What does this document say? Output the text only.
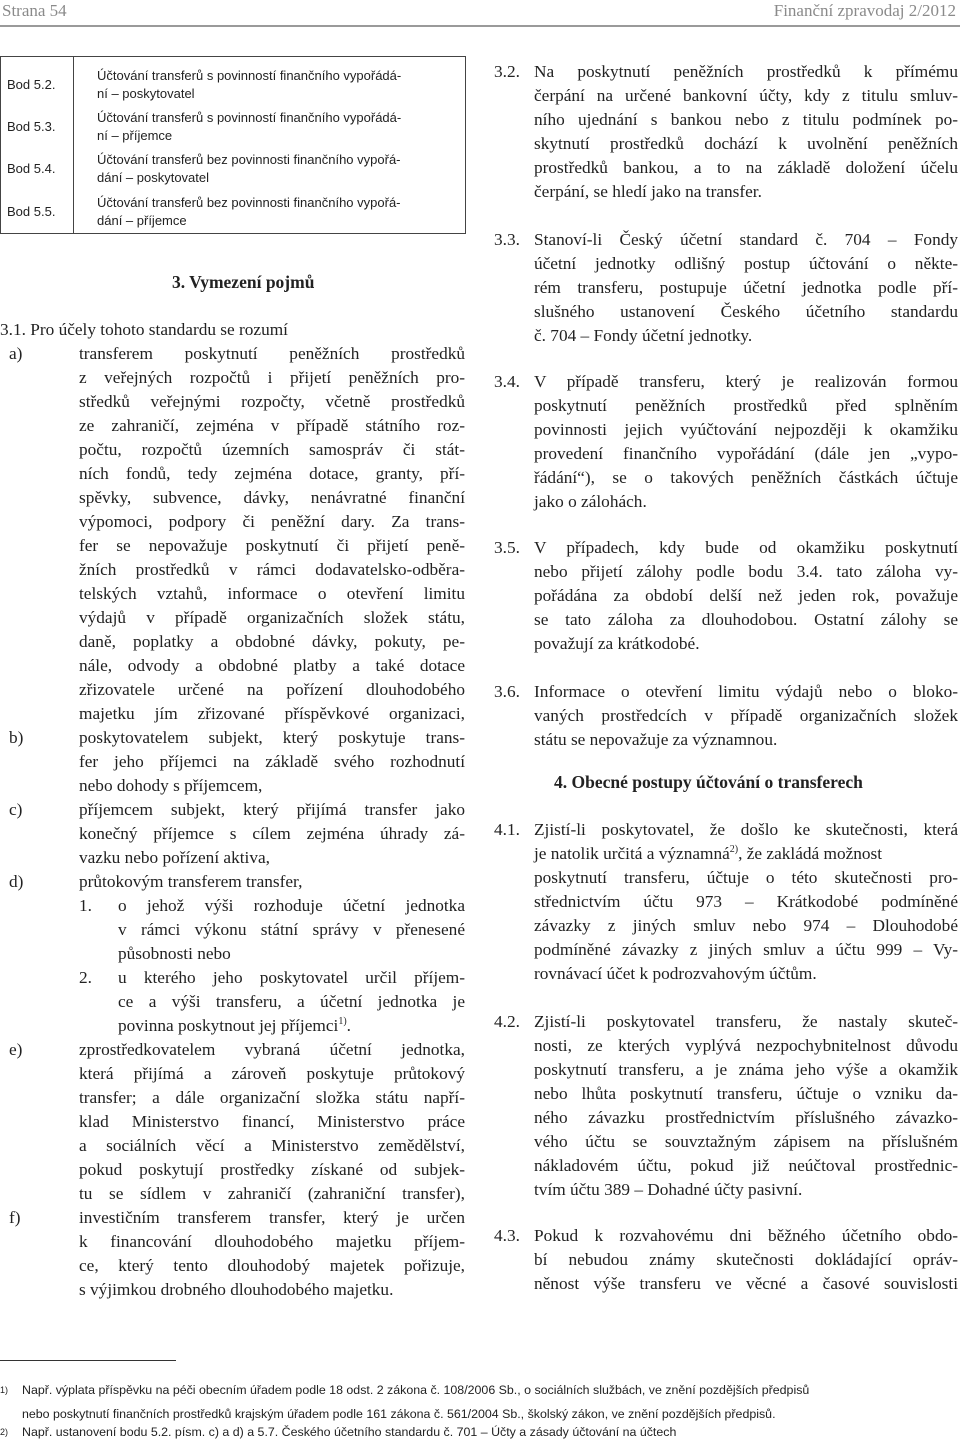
Strana 54	Finanční zpravodaj 2/2012
Bod 5.2.
Účtování transferů s povinností finančního vypořádá-
ní – poskytovatel
Bod 5.3.
Účtování transferů s povinností finančního vypořádá-
ní – příjemce
Bod 5.4.
Účtování transferů bez povinnosti finančního vypořá-
dání – poskytovatel
Bod 5.5.
Účtování transferů bez povinnosti finančního vypořá-
dání – příjemce
3. Vymezení pojmů
3.1. Pro účely tohoto standardu se rozumí
a)	transferem poskytnutí peněžních prostředků
z veřejných rozpočtů i přijetí peněžních pro-
středků veřejnými rozpočty, včetně prostředků
ze zahraničí, zejména v případě státního roz-
počtu, rozpočtů územních samospráv či stát-
ních fondů, tedy zejména dotace, granty, pří-
spěvky, subvence, dávky, nenávratné finanční
výpomoci, podpory či peněžní dary. Za trans-
fer se nepovažuje poskytnutí či přijetí peně-
žních prostředků v rámci dodavatelsko-odběra-
telských vztahů, informace o otevření limitu
výdajů v případě organizačních složek státu,
daně, poplatky a obdobné dávky, pokuty, pe-
nále, odvody a obdobné platby a také dotace
zřizovatele určené na pořízení dlouhodobého
majetku jím zřizované příspěvkové organizaci,
b)	poskytovatelem subjekt, který poskytuje trans-
fer jeho příjemci na základě svého rozhodnutí
nebo dohody s příjemcem,
c)	příjemcem subjekt, který přijímá transfer jako
konečný příjemce s cílem zejména úhrady zá-
vazku nebo pořízení aktiva,
d)	průtokovým transferem transfer,
1. o jehož výši rozhoduje účetní jednotka
v rámci výkonu státní správy v přenesené
působnosti nebo
2. u kterého jeho poskytovatel určil příjem-
ce a výši transferu, a účetní jednotka je
povinna poskytnout jej příjemci$^{1)}$.
e)	zprostředkovatelem vybraná účetní jednotka,
která přijímá a zároveň poskytuje průtokový
transfer; a dále organizační složka státu napří-
klad Ministerstvo financí, Ministerstvo práce
a sociálních věcí a Ministerstvo zemědělství,
pokud poskytují prostředky získané od subjek-
tu se sídlem v zahraničí (zahraniční transfer),
f)	investičním transferem transfer, který je určen
k financování dlouhodobého majetku příjem-
ce, který tento dlouhodobý majetek pořizuje,
s výjimkou drobného dlouhodobého majetku.
3.2. Na poskytnutí peněžních prostředků k přímému
čerpání na určené bankovní účty, kdy z titulu smluv-
ního ujednání s bankou nebo z titulu podmínek po-
skytnutí prostředků dochází k uvolnění peněžních
prostředků bankou, a to na základě doložení účelu
čerpání, se hledí jako na transfer.
3.3. Stanoví-li Český účetní standard č. 704 – Fondy
účetní jednotky odlišný postup účtování o někte-
rém transferu, postupuje účetní jednotka podle pří-
slušného ustanovení Českého účetního standardu
č. 704 – Fondy účetní jednotky.
3.4. V případě transferu, který je realizován formou
poskytnutí peněžních prostředků před splněním
povinnosti jejich vyúčtování nejpozději k okamžiku
provedení finančního vypořádání (dále jen „vypo-
řádání“), se o takových peněžních částkách účtuje
jako o zálohách.
3.5. V případech, kdy bude od okamžiku poskytnutí
nebo přijetí zálohy podle bodu 3.4. tato záloha vy-
pořádána za období delší než jeden rok, považuje
se tato záloha za dlouhodobou. Ostatní zálohy se
považují za krátkodobé.
3.6. Informace o otevření limitu výdajů nebo o bloko-
vaných prostředcích v případě organizačních složek
státu se nepovažuje za významnou.
4. Obecné postupy účtování o transferech
4.1. Zjistí-li poskytovatel, že došlo ke skutečnosti, která
je natolik určitá a významná$^{2)}$, že zakládá možnost
poskytnutí transferu, účtuje o této skutečnosti pro-
střednictvím účtu 973 – Krátkodobé podmíněné
závazky z jiných smluv nebo 974 – Dlouhodobé
podmíněné závazky z jiných smluv a účtu 999 – Vy-
rovnávací účet k podrozvahovým účtům.
4.2. Zjistí-li poskytovatel transferu, že nastaly skuteč-
nosti, ze kterých vyplývá nezpochybnitelnost důvodu
poskytnutí transferu, a je známa jeho výše a okamžik
nebo lhůta poskytnutí transferu, účtuje o vzniku da-
ného závazku prostřednictvím příslušného závazko-
vého účtu se souvztažným zápisem na příslušném
nákladovém účtu, pokud již neúčtoval prostřednic-
tvím účtu 389 – Dohadné účty pasivní.
4.3. Pokud k rozvahovému dni běžného účetního obdo-
bí nebudou známy skutečnosti dokládající opráv-
něnost výše transferu ve věcné a časové souvislosti
1) Např. výplata příspěvku na péči obecním úřadem podle 18 odst. 2 zákona č. 108/2006 Sb., o sociálních službách, ve znění pozdějších předpisů
nebo poskytnutí finančních prostředků krajským úřadem podle 161 zákona č. 561/2004 Sb., školský zákon, ve znění pozdějších předpisů.
2) Např. ustanovení bodu 5.2. písm. c) a d) a 5.7. Českého účetního standardu č. 701 – Účty a zásady účtování na účtech
